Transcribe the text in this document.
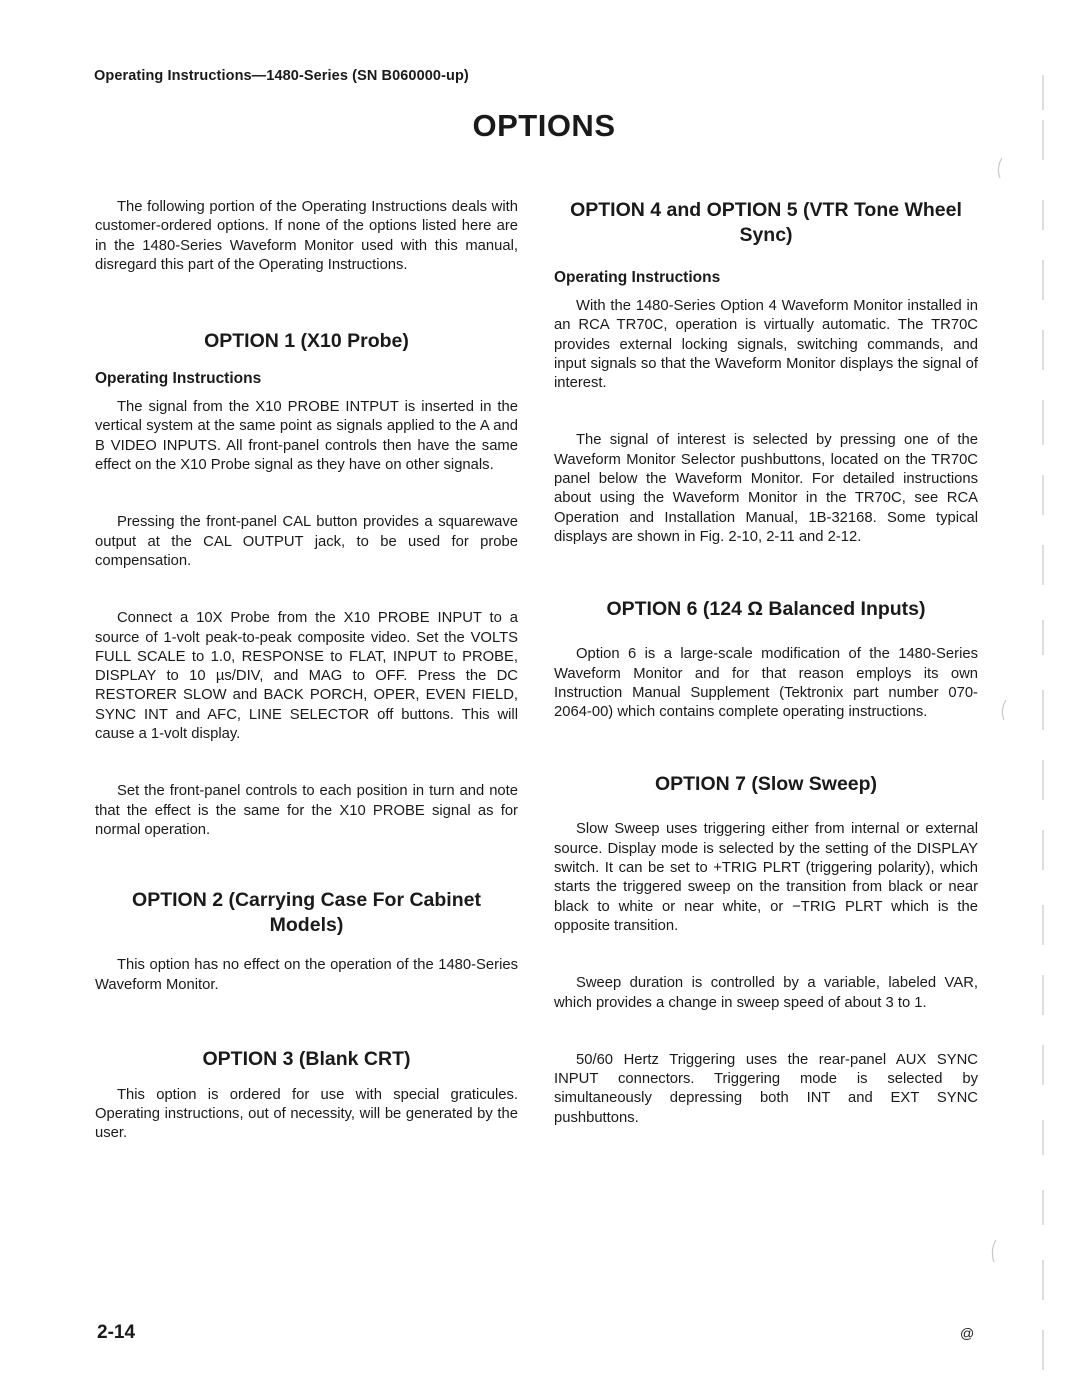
Operating Instructions—1480-Series (SN B060000-up)
OPTIONS

The following portion of the Operating Instructions deals with customer-ordered options. If none of the options listed here are in the 1480-Series Waveform Monitor used with this manual, disregard this part of the Operating Instructions.

OPTION 1 (X10 Probe)
Operating Instructions

The signal from the X10 PROBE INTPUT is inserted in the vertical system at the same point as signals applied to the A and B VIDEO INPUTS. All front-panel controls then have the same effect on the X10 Probe signal as they have on other signals.

Pressing the front-panel CAL button provides a squarewave output at the CAL OUTPUT jack, to be used for probe compensation.

Connect a 10X Probe from the X10 PROBE INPUT to a source of 1-volt peak-to-peak composite video. Set the VOLTS FULL SCALE to 1.0, RESPONSE to FLAT, INPUT to PROBE, DISPLAY to 10 µs/DIV, and MAG to OFF. Press the DC RESTORER SLOW and BACK PORCH, OPER, EVEN FIELD, SYNC INT and AFC, LINE SELECTOR off buttons. This will cause a 1-volt display.

Set the front-panel controls to each position in turn and note that the effect is the same for the X10 PROBE signal as for normal operation.

OPTION 2 (Carrying Case For Cabinet Models)

This option has no effect on the operation of the 1480-Series Waveform Monitor.

OPTION 3 (Blank CRT)

This option is ordered for use with special graticules. Operating instructions, out of necessity, will be generated by the user.

OPTION 4 and OPTION 5 (VTR Tone Wheel Sync)
Operating Instructions

With the 1480-Series Option 4 Waveform Monitor installed in an RCA TR70C, operation is virtually automatic. The TR70C provides external locking signals, switching commands, and input signals so that the Waveform Monitor displays the signal of interest.

The signal of interest is selected by pressing one of the Waveform Monitor Selector pushbuttons, located on the TR70C panel below the Waveform Monitor. For detailed instructions about using the Waveform Monitor in the TR70C, see RCA Operation and Installation Manual, 1B-32168. Some typical displays are shown in Fig. 2-10, 2-11 and 2-12.

OPTION 6 (124 Ω Balanced Inputs)

Option 6 is a large-scale modification of the 1480-Series Waveform Monitor and for that reason employs its own Instruction Manual Supplement (Tektronix part number 070-2064-00) which contains complete operating instructions.

OPTION 7 (Slow Sweep)

Slow Sweep uses triggering either from internal or external source. Display mode is selected by the setting of the DISPLAY switch. It can be set to +TRIG PLRT (triggering polarity), which starts the triggered sweep on the transition from black or near black to white or near white, or −TRIG PLRT which is the opposite transition.

Sweep duration is controlled by a variable, labeled VAR, which provides a change in sweep speed of about 3 to 1.

50/60 Hertz Triggering uses the rear-panel AUX SYNC INPUT connectors. Triggering mode is selected by simultaneously depressing both INT and EXT SYNC pushbuttons.

2-14	@
